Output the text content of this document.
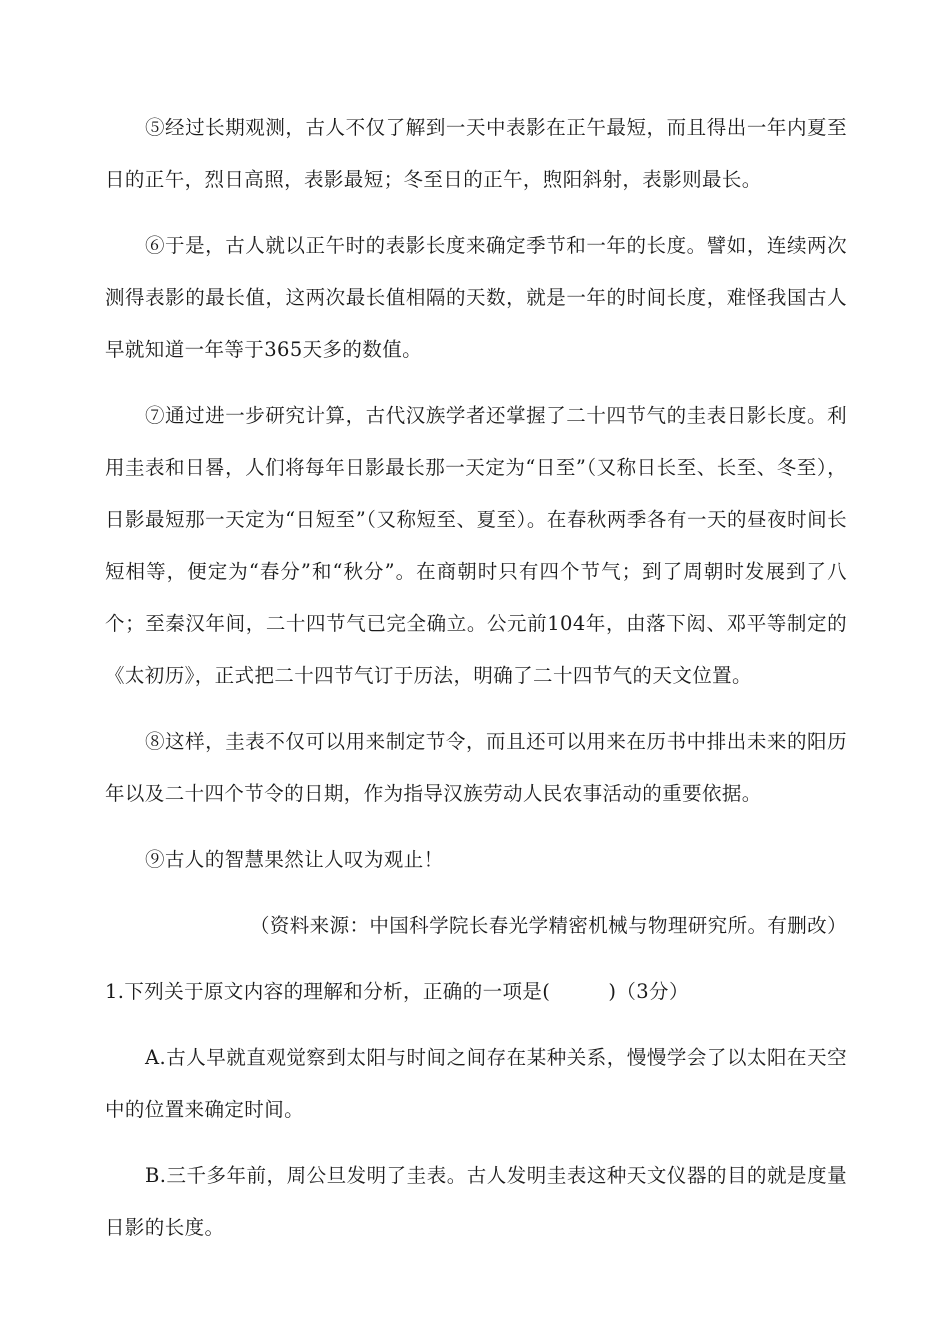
⑤经过长期观测，古人不仅了解到一天中表影在正午最短，而且得出一年内夏至日的正午，烈日高照，表影最短；冬至日的正午，煦阳斜射，表影则最长。

⑥于是，古人就以正午时的表影长度来确定季节和一年的长度。譬如，连续两次测得表影的最长值，这两次最长值相隔的天数，就是一年的时间长度，难怪我国古人早就知道一年等于365天多的数值。

⑦通过进一步研究计算，古代汉族学者还掌握了二十四节气的圭表日影长度。利用圭表和日晷，人们将每年日影最长那一天定为“日至”（又称日长至、长至、冬至），日影最短那一天定为“日短至”（又称短至、夏至）。在春秋两季各有一天的昼夜时间长短相等，便定为“春分”和“秋分”。在商朝时只有四个节气；到了周朝时发展到了八个；至秦汉年间，二十四节气已完全确立。公元前104年，由落下闳、邓平等制定的《太初历》，正式把二十四节气订于历法，明确了二十四节气的天文位置。

⑧这样，圭表不仅可以用来制定节令，而且还可以用来在历书中排出未来的阳历年以及二十四个节令的日期，作为指导汉族劳动人民农事活动的重要依据。

⑨古人的智慧果然让人叹为观止！

（资料来源：中国科学院长春光学精密机械与物理研究所。有删改）

1.下列关于原文内容的理解和分析，正确的一项是(	)（3分）

A.古人早就直观觉察到太阳与时间之间存在某种关系，慢慢学会了以太阳在天空中的位置来确定时间。

B.三千多年前，周公旦发明了圭表。古人发明圭表这种天文仪器的目的就是度量日影的长度。
